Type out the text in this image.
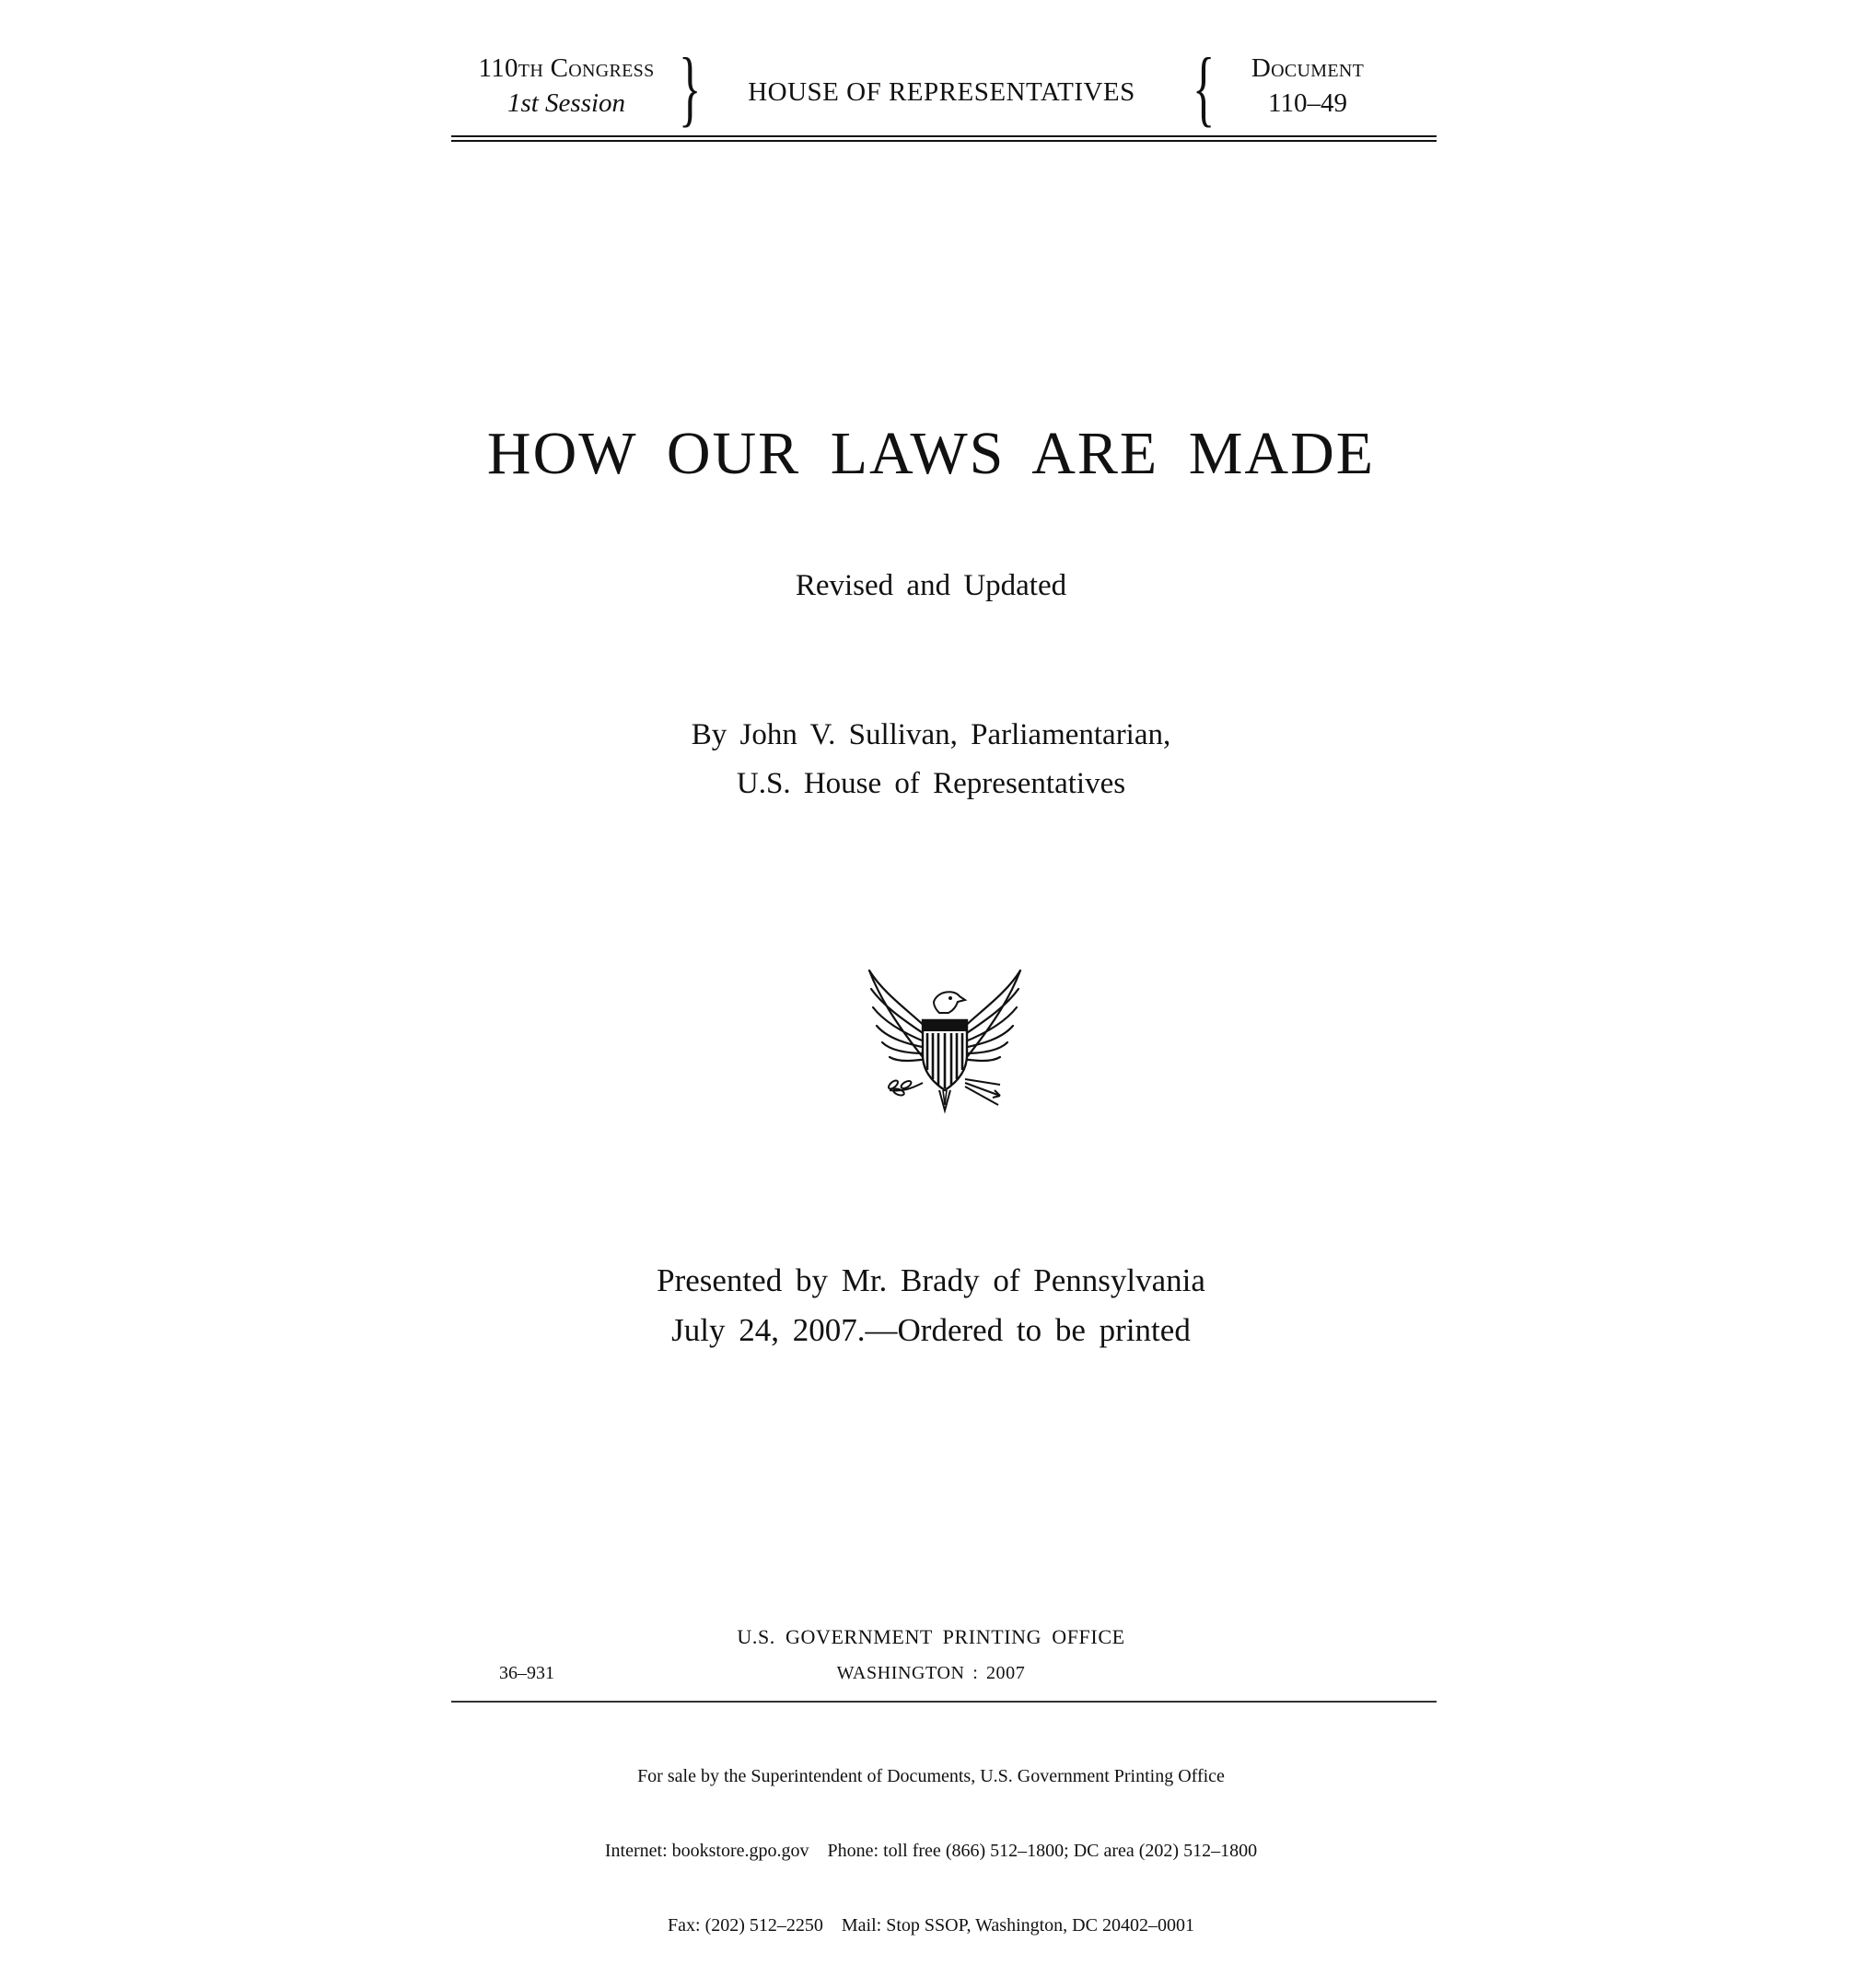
110th Congress
1st Session }	HOUSE OF REPRESENTATIVES {	Document
110–49
HOW OUR LAWS ARE MADE
Revised and Updated
By John V. Sullivan, Parliamentarian,
U.S. House of Representatives
Presented by Mr. Brady of Pennsylvania
July 24, 2007.—Ordered to be printed
U.S. GOVERNMENT PRINTING OFFICE
36–931	WASHINGTON : 2007

For sale by the Superintendent of Documents, U.S. Government Printing Office

Internet: bookstore.gpo.gov    Phone: toll free (866) 512–1800; DC area (202) 512–1800

Fax: (202) 512–2250    Mail: Stop SSOP, Washington, DC 20402–0001
